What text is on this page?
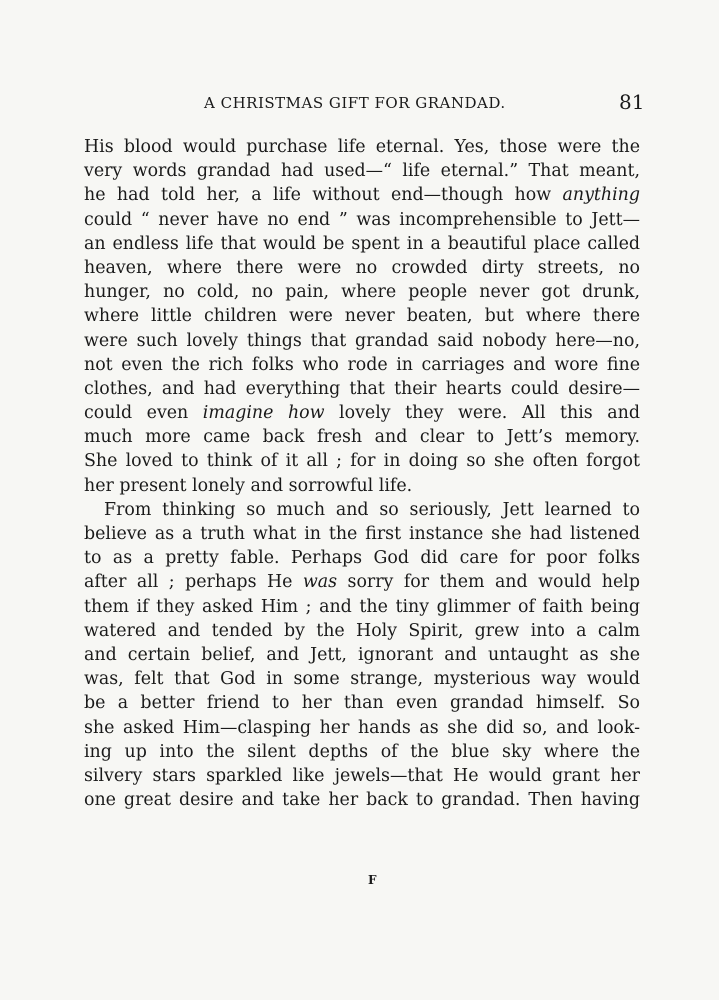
A CHRISTMAS GIFT FOR GRANDAD.	81
His blood would purchase life eternal. Yes, those were the
very words grandad had used—“ life eternal.” That meant,
he had told her, a life without end—though how anything
could “ never have no end ” was incomprehensible to Jett—
an endless life that would be spent in a beautiful place called
heaven, where there were no crowded dirty streets, no
hunger, no cold, no pain, where people never got drunk,
where little children were never beaten, but where there
were such lovely things that grandad said nobody here—no,
not even the rich folks who rode in carriages and wore fine
clothes, and had everything that their hearts could desire—
could even imagine how lovely they were. All this and
much more came back fresh and clear to Jett’s memory.
She loved to think of it all ; for in doing so she often forgot
her present lonely and sorrowful life.
From thinking so much and so seriously, Jett learned to
believe as a truth what in the first instance she had listened
to as a pretty fable. Perhaps God did care for poor folks
after all ; perhaps He was sorry for them and would help
them if they asked Him ; and the tiny glimmer of faith being
watered and tended by the Holy Spirit, grew into a calm
and certain belief, and Jett, ignorant and untaught as she
was, felt that God in some strange, mysterious way would
be a better friend to her than even grandad himself. So
she asked Him—clasping her hands as she did so, and look-
ing up into the silent depths of the blue sky where the
silvery stars sparkled like jewels—that He would grant her
one great desire and take her back to grandad. Then having
F
